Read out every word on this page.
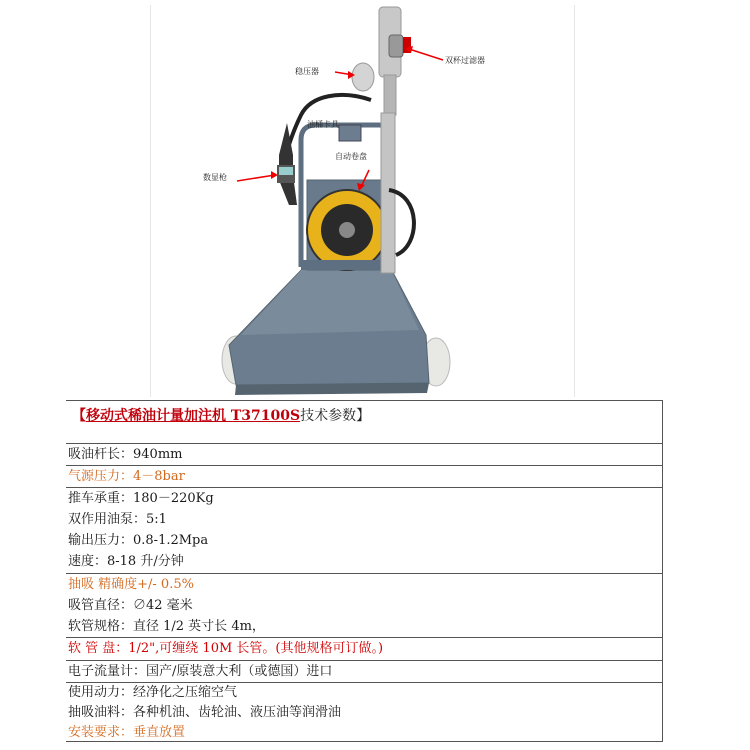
稳压器
双杯过滤器
油桶卡具
自动卷盘
数显枪
【移动式稀油计量加注机 T37100S技术参数】
吸油杆长：940mm
气源压力：4－8bar
推车承重：180－220Kg
双作用油泵：5:1
输出压力：0.8-1.2Mpa
速度：8-18 升/分钟
抽吸 精确度+/- 0.5%
吸管直径：∅42 毫米
软管规格：直径 1/2 英寸长 4m，
软 管 盘：1/2",可缠绕 10M 长管。(其他规格可订做。)
电子流量计：国产/原装意大利（或德国）进口
使用动力：经净化之压缩空气
抽吸油料：各种机油、齿轮油、液压油等润滑油
安装要求：垂直放置
